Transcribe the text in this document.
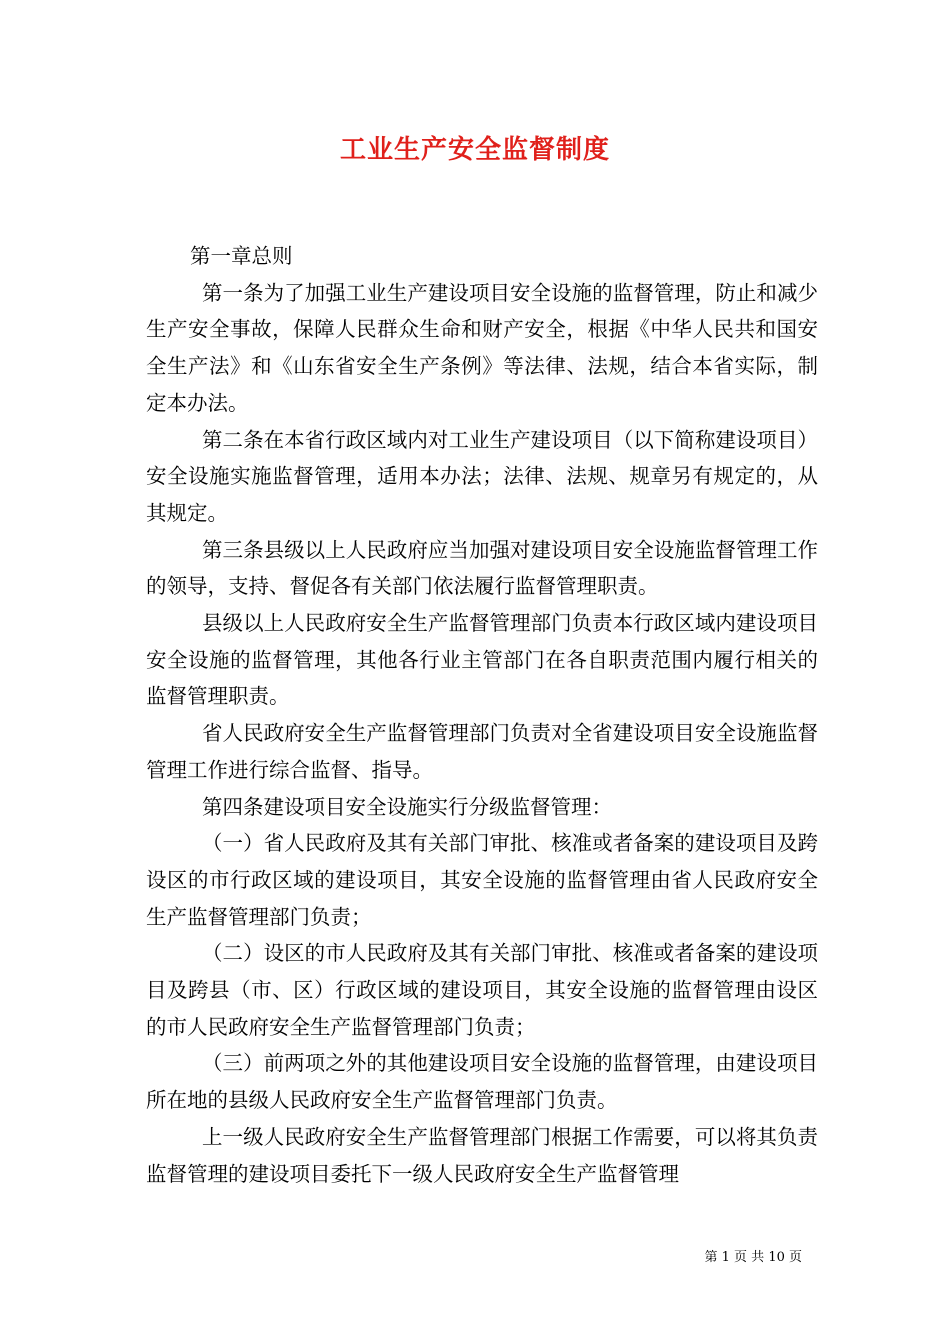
工业生产安全监督制度

第一章总则

第一条为了加强工业生产建设项目安全设施的监督管理，防止和减少生产安全事故，保障人民群众生命和财产安全，根据《中华人民共和国安全生产法》和《山东省安全生产条例》等法律、法规，结合本省实际，制定本办法。

第二条在本省行政区域内对工业生产建设项目（以下简称建设项目）安全设施实施监督管理，适用本办法；法律、法规、规章另有规定的，从其规定。

第三条县级以上人民政府应当加强对建设项目安全设施监督管理工作的领导，支持、督促各有关部门依法履行监督管理职责。

县级以上人民政府安全生产监督管理部门负责本行政区域内建设项目安全设施的监督管理，其他各行业主管部门在各自职责范围内履行相关的监督管理职责。

省人民政府安全生产监督管理部门负责对全省建设项目安全设施监督管理工作进行综合监督、指导。

第四条建设项目安全设施实行分级监督管理：

（一）省人民政府及其有关部门审批、核准或者备案的建设项目及跨设区的市行政区域的建设项目，其安全设施的监督管理由省人民政府安全生产监督管理部门负责；

（二）设区的市人民政府及其有关部门审批、核准或者备案的建设项目及跨县（市、区）行政区域的建设项目，其安全设施的监督管理由设区的市人民政府安全生产监督管理部门负责；

（三）前两项之外的其他建设项目安全设施的监督管理，由建设项目所在地的县级人民政府安全生产监督管理部门负责。

上一级人民政府安全生产监督管理部门根据工作需要，可以将其负责监督管理的建设项目委托下一级人民政府安全生产监督管理

第 1 页 共 10 页
